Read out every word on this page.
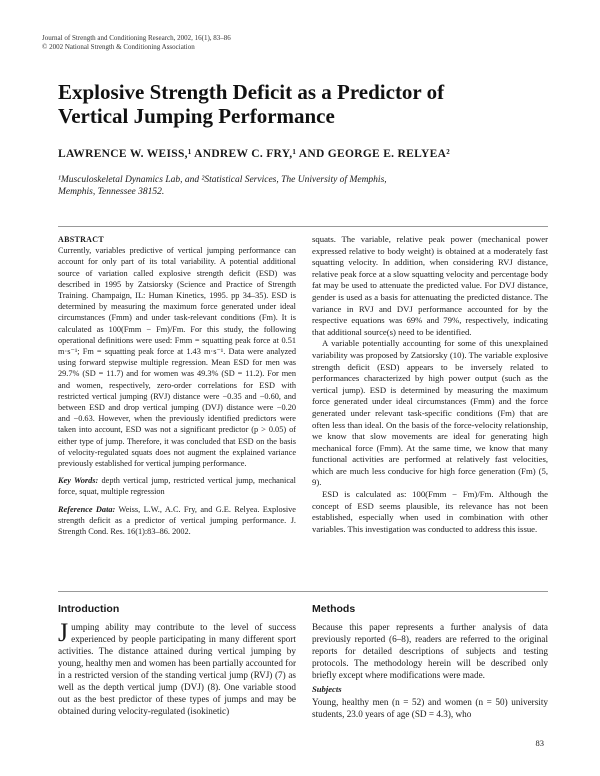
Journal of Strength and Conditioning Research, 2002, 16(1), 83–86
© 2002 National Strength & Conditioning Association
Explosive Strength Deficit as a Predictor of
Vertical Jumping Performance
LAWRENCE W. WEISS,¹ ANDREW C. FRY,¹ AND GEORGE E. RELYEA²
¹Musculoskeletal Dynamics Lab, and ²Statistical Services, The University of Memphis,
Memphis, Tennessee 38152.

ABSTRACT

Currently, variables predictive of vertical jumping performance can account for only part of its total variability. A potential additional source of variation called explosive strength deficit (ESD) was described in 1995 by Zatsiorsky (Science and Practice of Strength Training. Champaign, IL: Human Kinetics, 1995. pp 34–35). ESD is determined by measuring the maximum force generated under ideal circumstances (Fmm) and under task-relevant conditions (Fm). It is calculated as 100(Fmm − Fm)/Fm. For this study, the following operational definitions were used: Fmm = squatting peak force at 0.51 m·s⁻¹; Fm = squatting peak force at 1.43 m·s⁻¹. Data were analyzed using forward stepwise multiple regression. Mean ESD for men was 29.7% (SD = 11.7) and for women was 49.3% (SD = 11.2). For men and women, respectively, zero-order correlations for ESD with restricted vertical jumping (RVJ) distance were −0.35 and −0.60, and between ESD and drop vertical jumping (DVJ) distance were −0.20 and −0.63. However, when the previously identified predictors were taken into account, ESD was not a significant predictor (p > 0.05) of either type of jump. Therefore, it was concluded that ESD on the basis of velocity-regulated squats does not augment the explained variance previously established for vertical jumping performance.

Key Words: depth vertical jump, restricted vertical jump, mechanical force, squat, multiple regression

Reference Data: Weiss, L.W., A.C. Fry, and G.E. Relyea. Explosive strength deficit as a predictor of vertical jumping performance. J. Strength Cond. Res. 16(1):83–86. 2002.

squats. The variable, relative peak power (mechanical power expressed relative to body weight) is obtained at a moderately fast squatting velocity. In addition, when considering RVJ distance, relative peak force at a slow squatting velocity and percentage body fat may be used to attenuate the predicted value. For DVJ distance, gender is used as a basis for attenuating the predicted distance. The variance in RVJ and DVJ performance accounted for by the respective equations was 69% and 79%, respectively, indicating that additional source(s) need to be identified.

A variable potentially accounting for some of this unexplained variability was proposed by Zatsiorsky (10). The variable explosive strength deficit (ESD) appears to be inversely related to performances characterized by high power output (such as the vertical jump). ESD is determined by measuring the maximum force generated under ideal circumstances (Fmm) and the force generated under relevant task-specific conditions (Fm) that are often less than ideal. On the basis of the force-velocity relationship, we know that slow movements are ideal for generating high mechanical force (Fmm). At the same time, we know that many functional activities are performed at relatively fast velocities, which are much less conducive for high force generation (Fm) (5, 9).

ESD is calculated as: 100(Fmm − Fm)/Fm. Although the concept of ESD seems plausible, its relevance has not been established, especially when used in combination with other variables. This investigation was conducted to address this issue.

Introduction

Jumping ability may contribute to the level of success experienced by people participating in many different sport activities. The distance attained during vertical jumping by young, healthy men and women has been partially accounted for in a restricted version of the standing vertical jump (RVJ) (7) as well as the depth vertical jump (DVJ) (8). One variable stood out as the best predictor of these types of jumps and may be obtained during velocity-regulated (isokinetic)

Methods

Because this paper represents a further analysis of data previously reported (6–8), readers are referred to the original reports for detailed descriptions of subjects and testing protocols. The methodology herein will be described only briefly except where modifications were made.

Subjects

Young, healthy men (n = 52) and women (n = 50) university students, 23.0 years of age (SD = 4.3), who

83
